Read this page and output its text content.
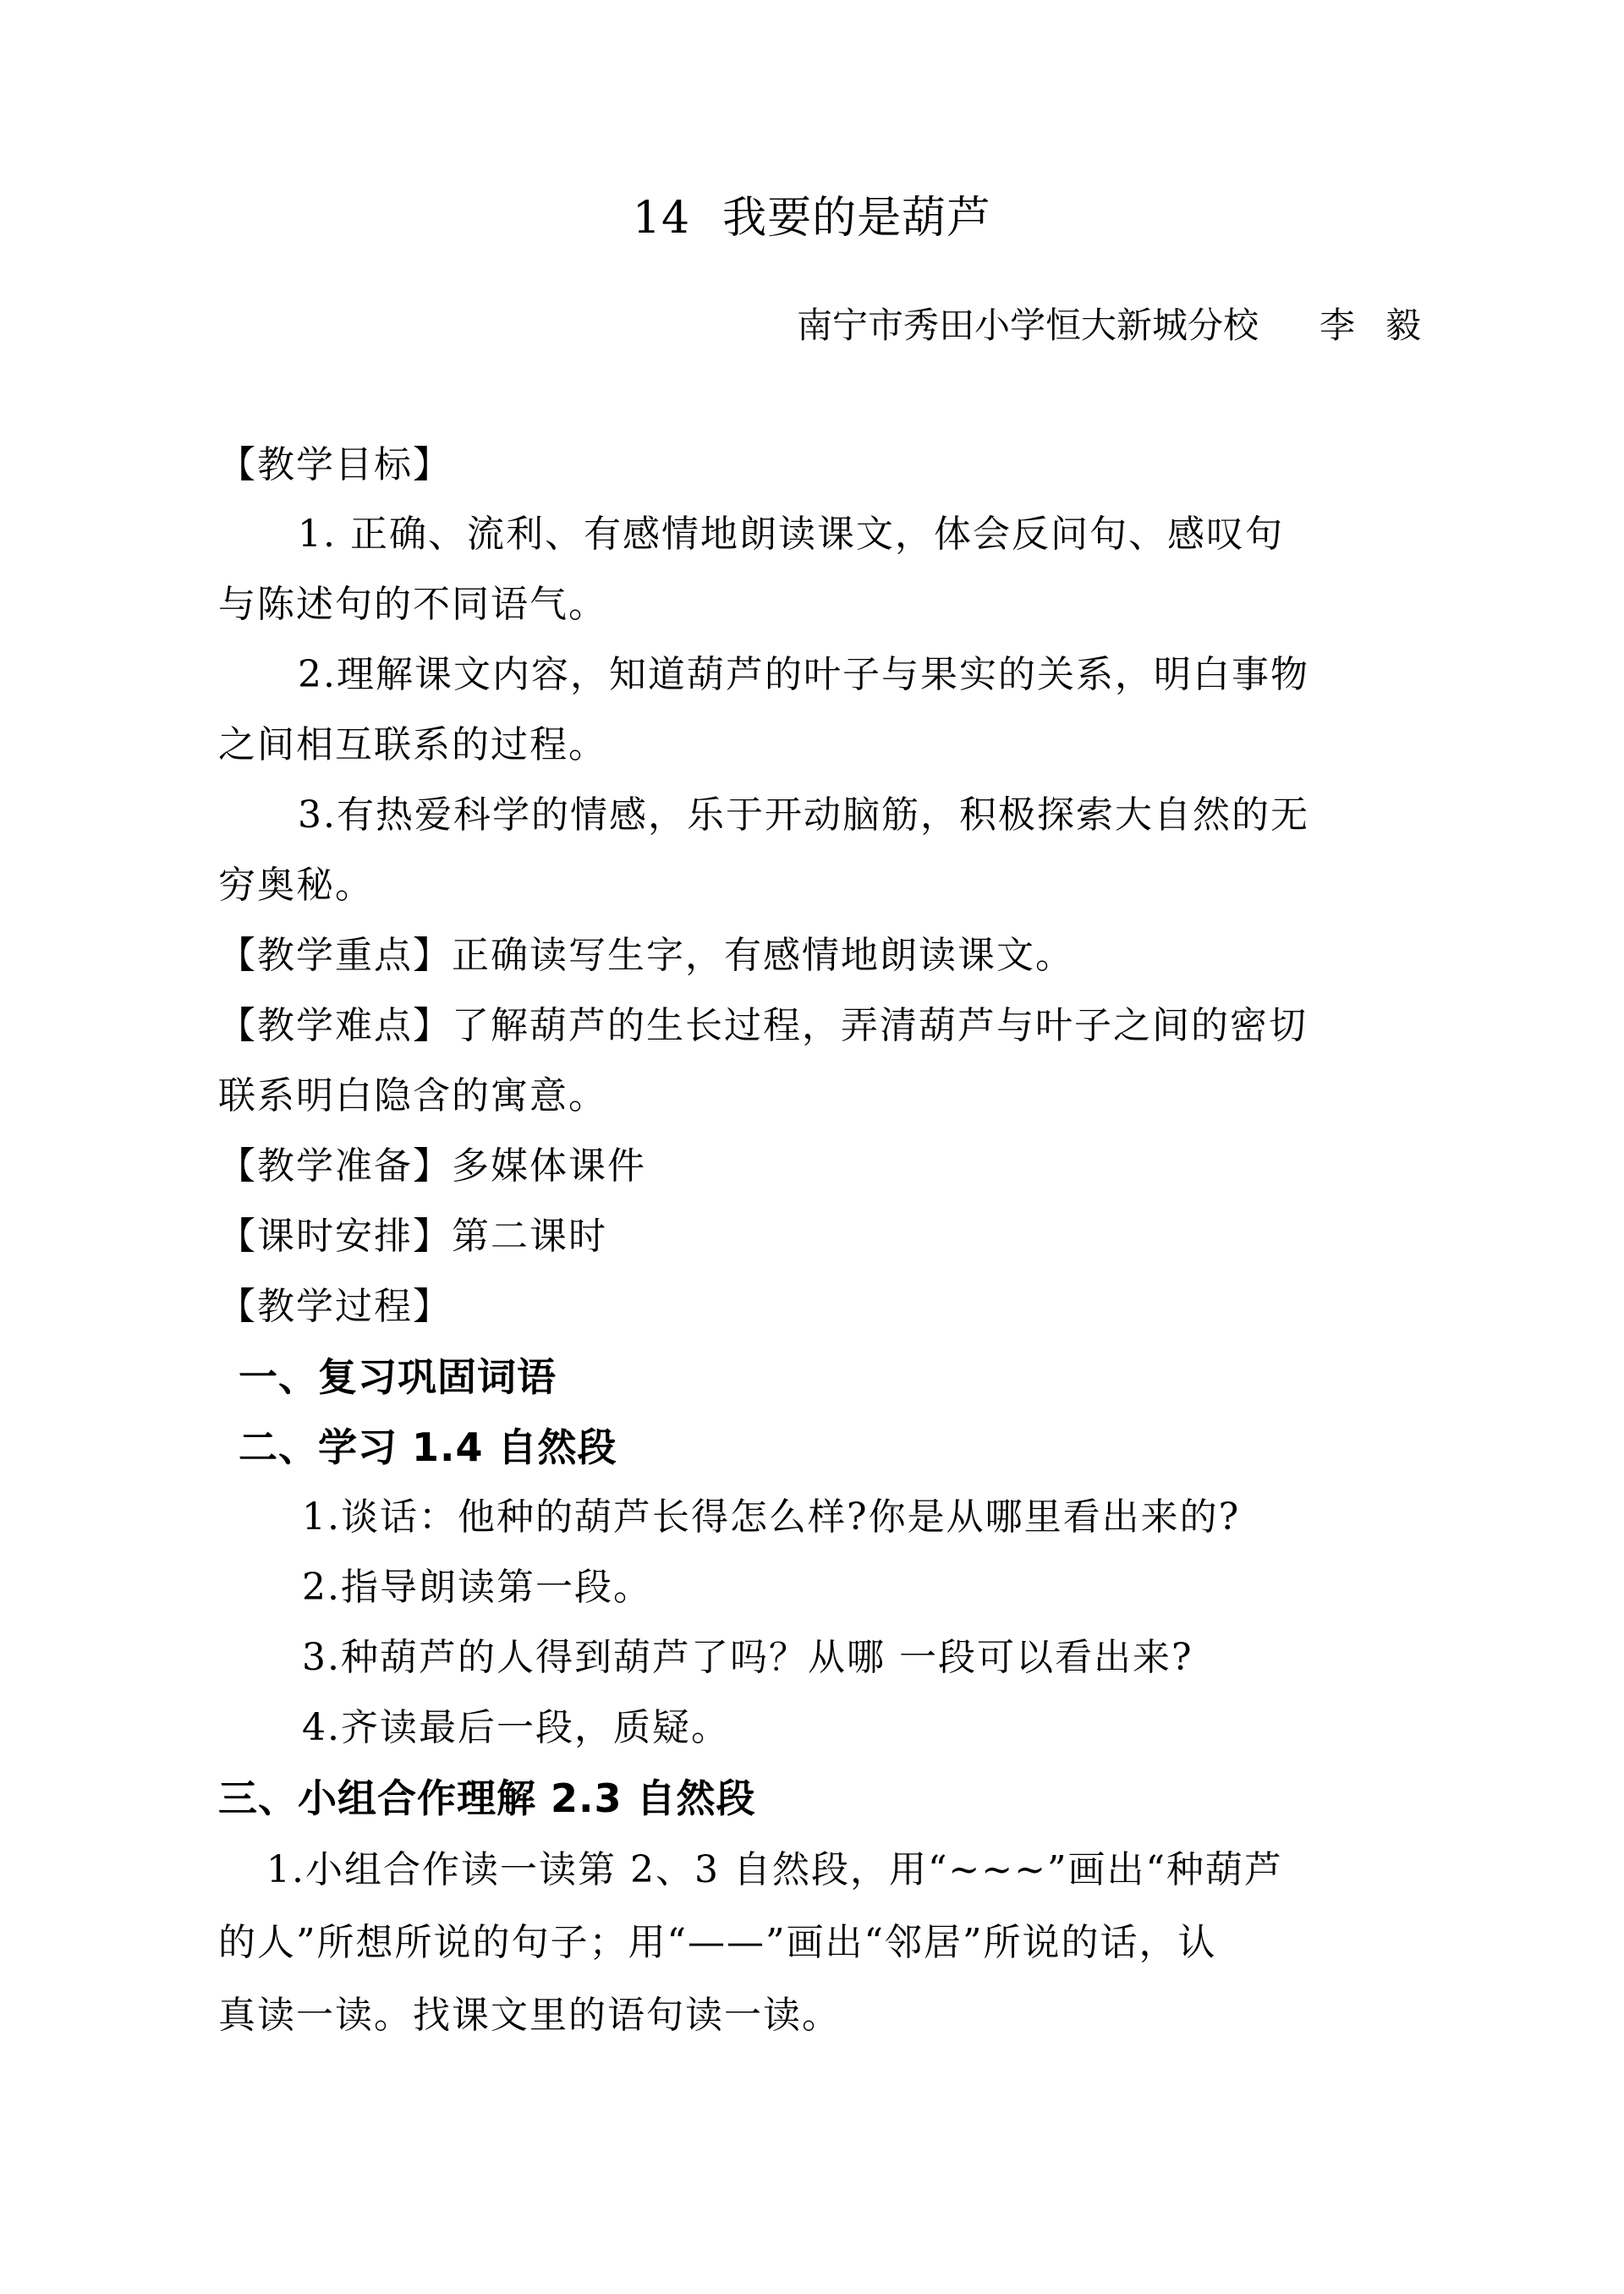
14 我要的是葫芦
南宁市秀田小学恒大新城分校 李 毅
【教学目标】
1. 正确、流利、有感情地朗读课文，体会反问句、感叹句
与陈述句的不同语气。
2.理解课文内容，知道葫芦的叶子与果实的关系，明白事物
之间相互联系的过程。
3.有热爱科学的情感，乐于开动脑筋，积极探索大自然的无
穷奥秘。
【教学重点】正确读写生字，有感情地朗读课文。
【教学难点】了解葫芦的生长过程，弄清葫芦与叶子之间的密切
联系明白隐含的寓意。
【教学准备】多媒体课件
【课时安排】第二课时
【教学过程】
一、复习巩固词语
二、学习 1.4 自然段
1.谈话：他种的葫芦长得怎么样?你是从哪里看出来的?
2.指导朗读第一段。
3.种葫芦的人得到葫芦了吗？从哪 一段可以看出来?
4.齐读最后一段，质疑。
三、小组合作理解 2.3 自然段
1.小组合作读一读第 2、3 自然段，用“~~~”画出“种葫芦
的人”所想所说的句子；用“——”画出“邻居”所说的话，认
真读一读。找课文里的语句读一读。
